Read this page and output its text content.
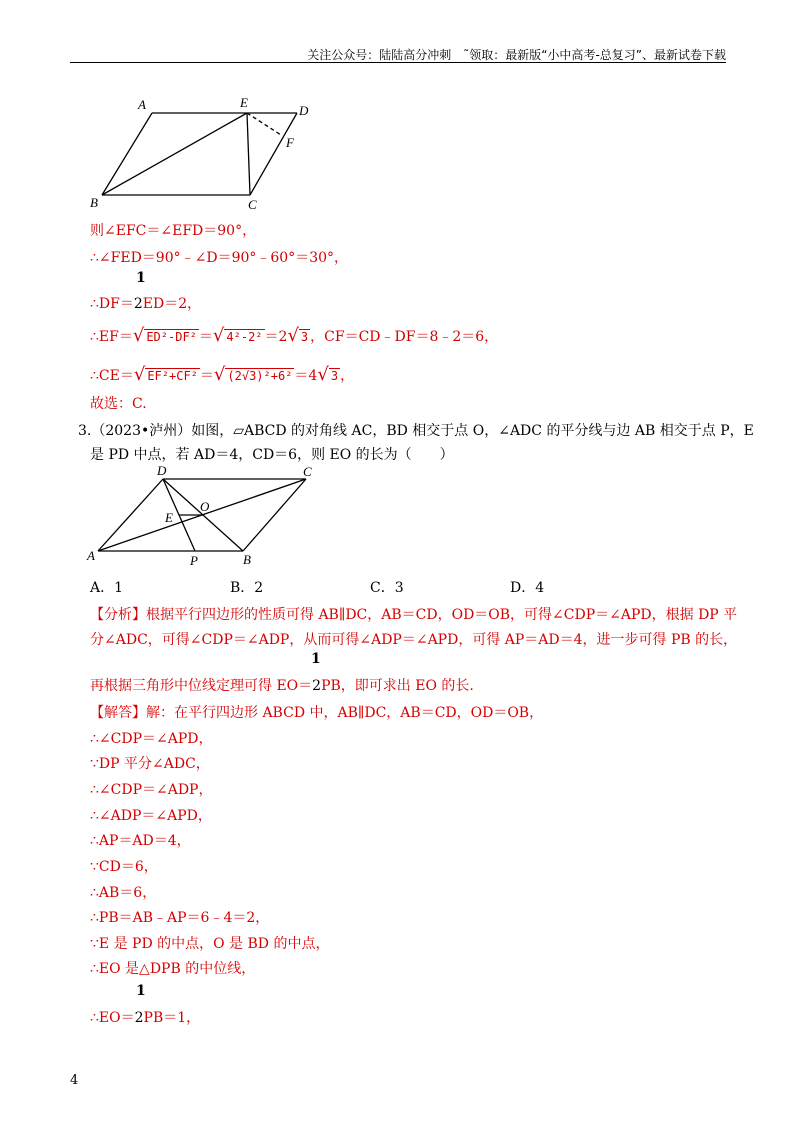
关注公众号：陆陆高分冲刺　˜领取：最新版“小中高考-总复习”、最新试卷下载
A	E
D
F
B	C
则∠EFC＝∠EFD＝90°，
∴∠FED＝90°﹣∠D＝90°﹣60°＝30°，
1
∴DF＝2ED＝2，
∴EF＝√ ED²-DF² ＝√ 4²-2² ＝2√ 3 ，CF＝CD﹣DF＝8﹣2＝6，
∴CE＝√ EF²+CF² ＝√ (2√3)²+6² ＝4√ 3 ，
故选：C.
3.（2023•泸州）如图，▱ABCD 的对角线 AC，BD 相交于点 O，∠ADC 的平分线与边 AB 相交于点 P，E
是 PD 中点，若 AD＝4，CD＝6，则 EO 的长为（　　）
D	C
O
E
A	P	B
A．1	B．2	C．3	D．4
【分析】根据平行四边形的性质可得 AB∥DC，AB＝CD，OD＝OB，可得∠CDP＝∠APD，根据 DP 平
分∠ADC，可得∠CDP＝∠ADP，从而可得∠ADP＝∠APD，可得 AP＝AD＝4，进一步可得 PB 的长，
1
再根据三角形中位线定理可得 EO＝2PB，即可求出 EO 的长.
【解答】解：在平行四边形 ABCD 中，AB∥DC，AB＝CD，OD＝OB，
∴∠CDP＝∠APD，
∵DP 平分∠ADC，
∴∠CDP＝∠ADP，
∴∠ADP＝∠APD，
∴AP＝AD＝4，
∵CD＝6，
∴AB＝6，
∴PB＝AB﹣AP＝6﹣4＝2，
∵E 是 PD 的中点，O 是 BD 的中点，
∴EO 是△DPB 的中位线，
1
∴EO＝2PB＝1，
4
